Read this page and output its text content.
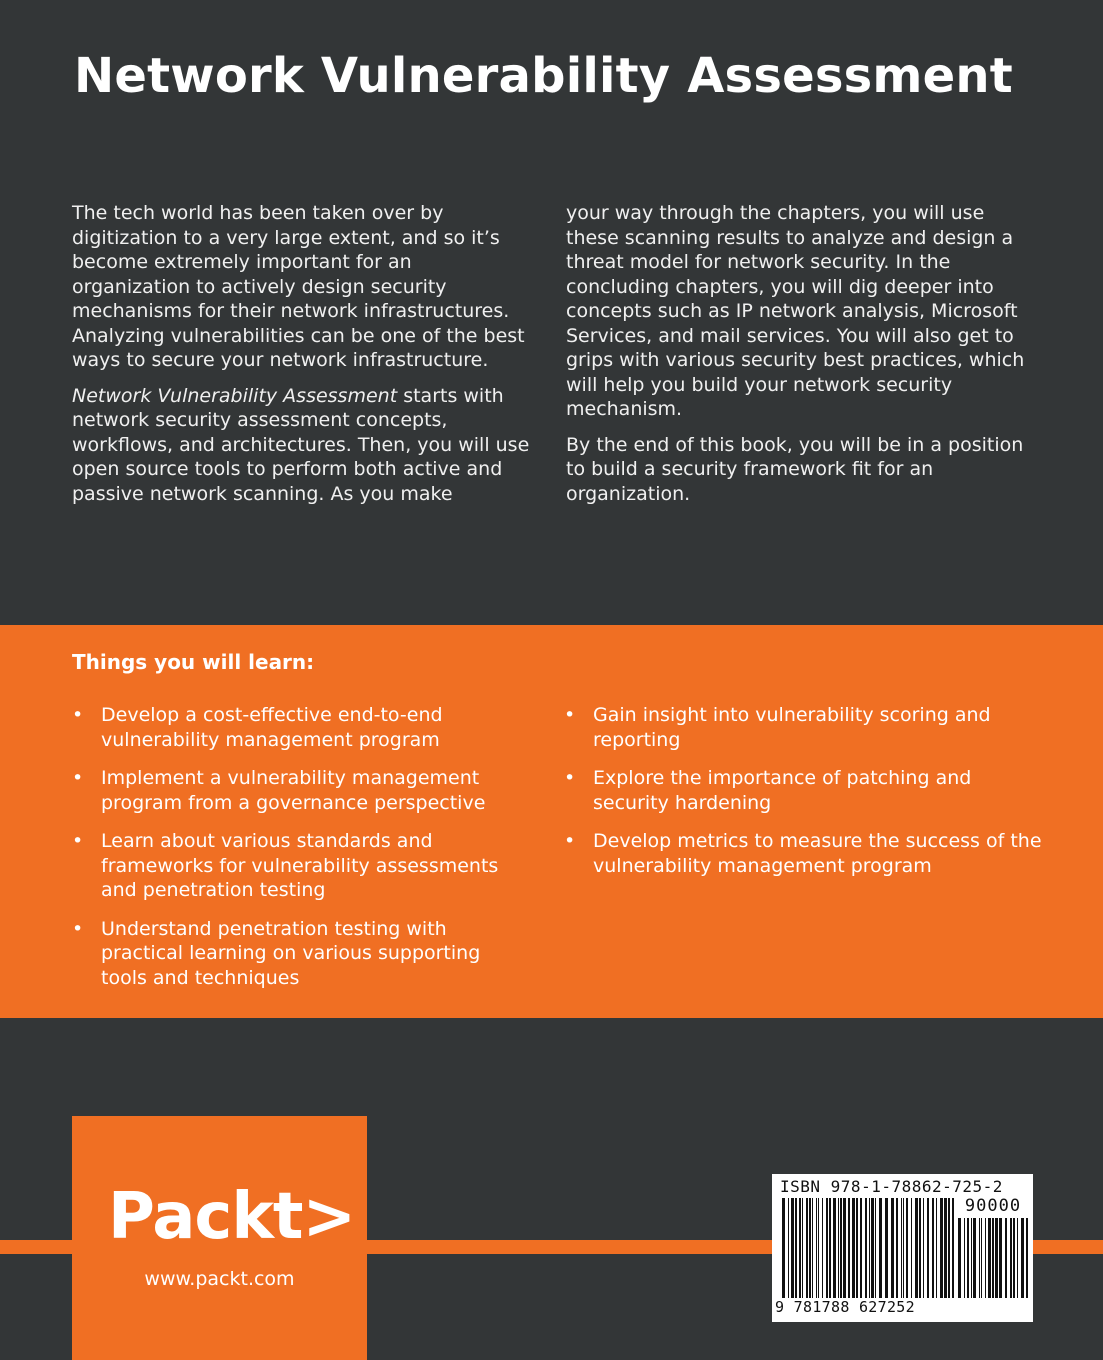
Network Vulnerability Assessment

The tech world has been taken over by digitization to a very large extent, and so it’s become extremely important for an organization to actively design security mechanisms for their network infrastructures. Analyzing vulnerabilities can be one of the best ways to secure your network infrastructure.

Network Vulnerability Assessment starts with network security assessment concepts, workflows, and architectures. Then, you will use open source tools to perform both active and passive network scanning. As you make

your way through the chapters, you will use these scanning results to analyze and design a threat model for network security. In the concluding chapters, you will dig deeper into concepts such as IP network analysis, Microsoft Services, and mail services. You will also get to grips with various security best practices, which will help you build your network security mechanism.

By the end of this book, you will be in a position to build a security framework fit for an organization.

Things you will learn:
• Develop a cost-effective end-to-end vulnerability management program
• Implement a vulnerability management program from a governance perspective
• Learn about various standards and frameworks for vulnerability assessments and penetration testing
• Understand penetration testing with practical learning on various supporting tools and techniques
• Gain insight into vulnerability scoring and reporting
• Explore the importance of patching and security hardening
• Develop metrics to measure the success of the vulnerability management program
Packt>
www.packt.com
ISBN 978-1-78862-725-2
90000
9 781788 627252
